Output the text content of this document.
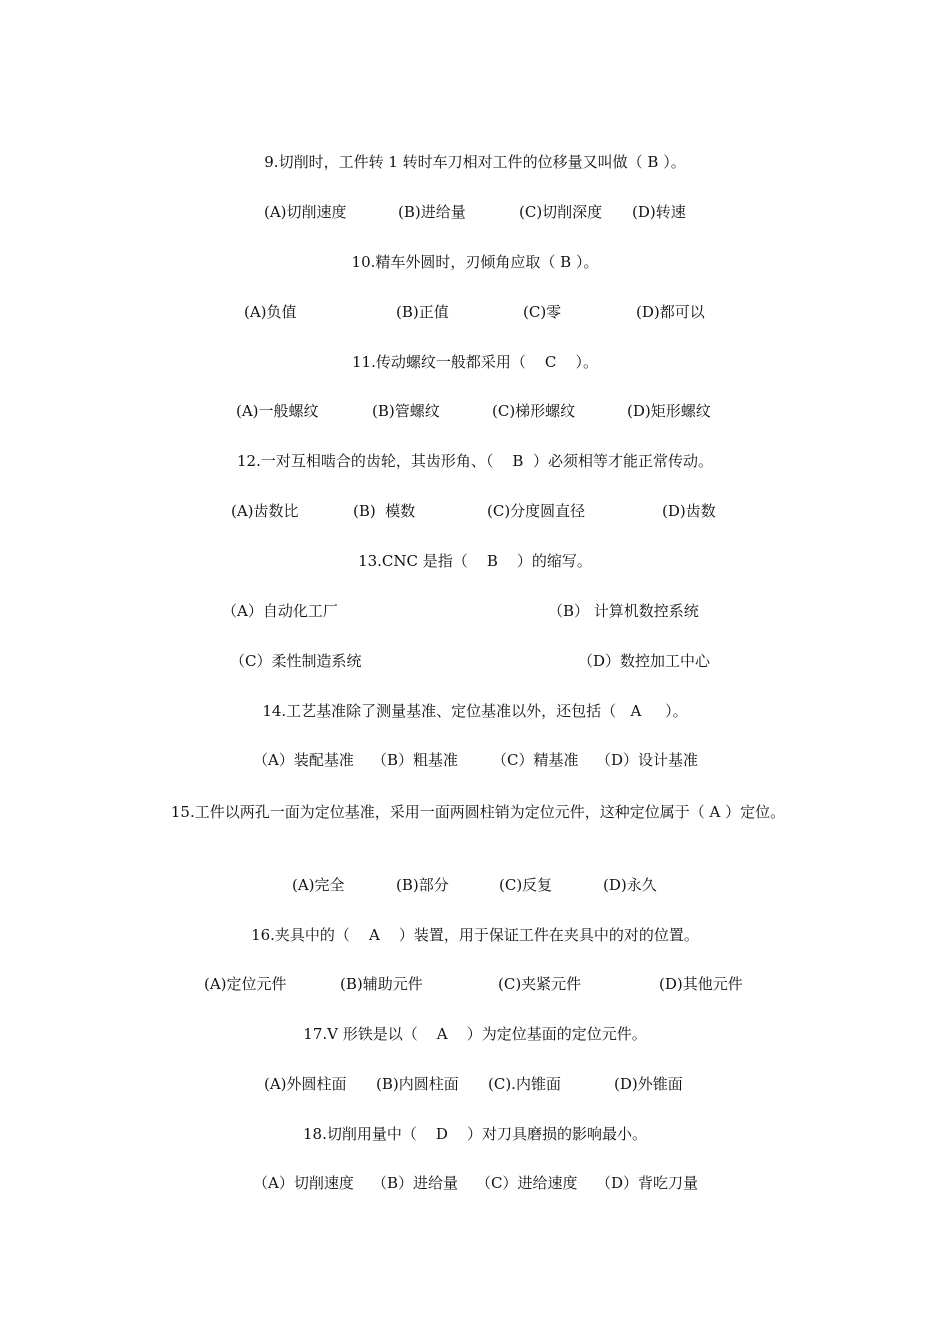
9.切削时，工件转 1 转时车刀相对工件的位移量又叫做（ B ）。
(A)切削速度	(B)进给量	(C)切削深度 (D)转速
10.精车外圆时，刃倾角应取（ B ）。
(A)负值	(B)正值	(C)零	(D)都可以
11.传动螺纹一般都采用（    C    ）。
(A)一般螺纹	(B)管螺纹	(C)梯形螺纹	(D)矩形螺纹
12.一对互相啮合的齿轮，其齿形角、（    B  ）必须相等才能正常传动。
(A)齿数比	(B)  模数	(C)分度圆直径	(D)齿数
13.CNC 是指（    B    ）的缩写。
（A）自动化工厂	（B） 计算机数控系统
（C）柔性制造系统	（D）数控加工中心
14.工艺基准除了测量基准、定位基准以外，还包括（   A     ）。
（A）装配基准 （B）粗基准 （C）精基准 （D）设计基准
15.工件以两孔一面为定位基准，采用一面两圆柱销为定位元件，这种定位属于（ A ）定位。
(A)完全	(B)部分	(C)反复	(D)永久
16.夹具中的（    A    ）装置，用于保证工件在夹具中的对的位置。
(A)定位元件	(B)辅助元件	(C)夹紧元件	(D)其他元件
17.V 形铁是以（    A    ）为定位基面的定位元件。
(A)外圆柱面 (B)内圆柱面 (C).内锥面	(D)外锥面
18.切削用量中（    D    ）对刀具磨损的影响最小。
（A）切削速度 （B）进给量 （C）进给速度 （D）背吃刀量
